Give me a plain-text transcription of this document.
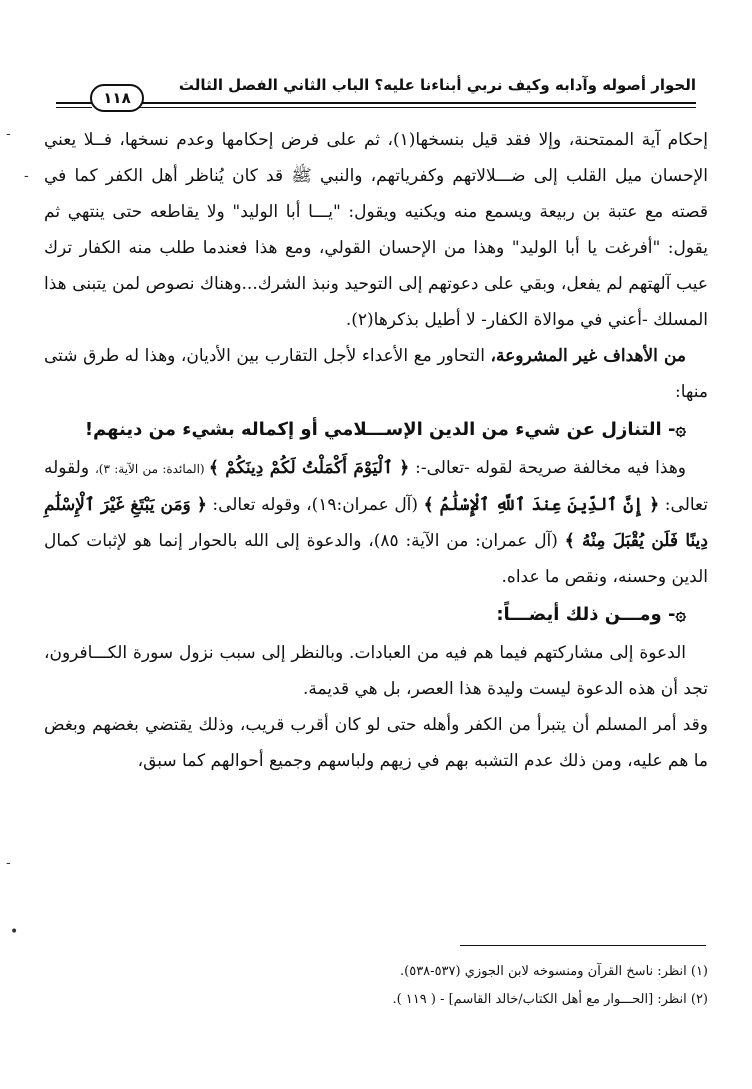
الحوار أصوله وآدابه وكيف نربي أبناءنا عليه؟ الباب الثاني الفصل الثالث
١١٨
-
-
-
•

إحكام آية الممتحنة، وإلا فقد قيل بنسخها(١)، ثم على فرض إحكامها وعدم نسخها، فــلا يعني الإحسان ميل القلب إلى ضـــلالاتهم وكفرياتهم، والنبي ﷺ قد كان يُناظر أهل الكفر كما في قصته مع عتبة بن ربيعة ويسمع منه ويكنيه ويقول: "يـــا أبا الوليد" ولا يقاطعه حتى ينتهي ثم يقول: "أفرغت يا أبا الوليد" وهذا من الإحسان القولي، ومع هذا فعندما طلب منه الكفار ترك عيب آلهتهم لم يفعل، وبقي على دعوتهم إلى التوحيد ونبذ الشرك...وهناك نصوص لمن يتبنى هذا المسلك -أعني في موالاة الكفار- لا أطيل بذكرها(٢).

من الأهداف غير المشروعة، التحاور مع الأعداء لأجل التقارب بين الأديان، وهذا له طرق شتى منها:

۞- التنازل عن شيء من الدين الإســـلامي أو إكماله بشيء من دينهم!

وهذا فيه مخالفة صريحة لقوله -تعالى-: ﴿ ٱلْيَوْمَ أَكْمَلْتُ لَكُمْ دِينَكُمْ ﴾ (المائدة: من الآية: ٣)، ولقوله تعالى: ﴿ إِنَّ ٱلدِّينَ عِندَ ٱللَّهِ ٱلْإِسْلَٰمُ ﴾ (آل عمران:١٩)، وقوله تعالى: ﴿ وَمَن يَبْتَغِ غَيْرَ ٱلْإِسْلَٰمِ دِينًا فَلَن يُقْبَلَ مِنْهُ ﴾ (آل عمران: من الآية: ٨٥)، والدعوة إلى الله بالحوار إنما هو لإثبات كمال الدين وحسنه، ونقص ما عداه.

۞- ومـــن ذلك أيضـــاً:

الدعوة إلى مشاركتهم فيما هم فيه من العبادات. وبالنظر إلى سبب نزول سورة الكـــافرون، تجد أن هذه الدعوة ليست وليدة هذا العصر، بل هي قديمة.

وقد أمر المسلم أن يتبرأ من الكفر وأهله حتى لو كان أقرب قريب، وذلك يقتضي بغضهم وبغض ما هم عليه، ومن ذلك عدم التشبه بهم في زيهم ولباسهم وجميع أحوالهم كما سبق،

(١) انظر: ناسخ القرآن ومنسوخه لابن الجوزي (٥٣٧-٥٣٨).

(٢) انظر: [الحـــوار مع أهل الكتاب/خالد القاسم] - ( ١١٩ ).
